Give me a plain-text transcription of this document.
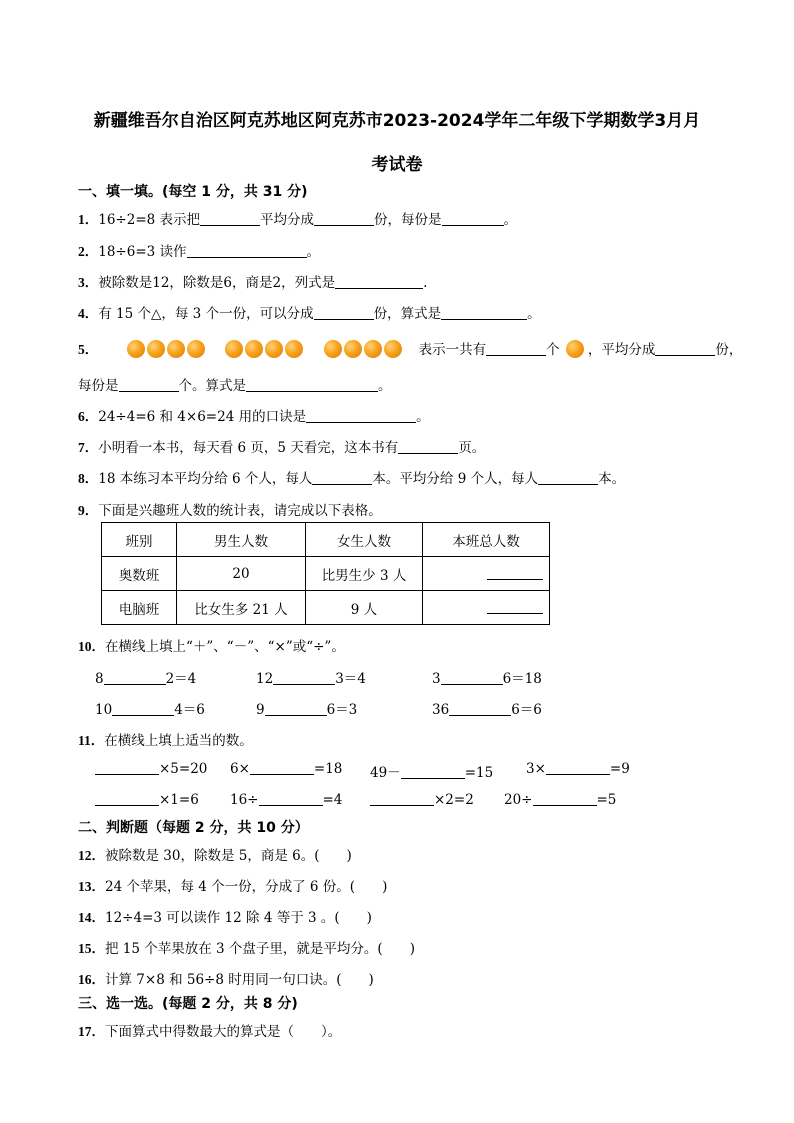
新疆维吾尔自治区阿克苏地区阿克苏市2023-2024学年二年级下学期数学3月月
考试卷
一、填一填。(每空 1 分，共 31 分)
1．16÷2=8 表示把	平均分成	份，每份是	。
2．18÷6=3 读作	。
3．被除数是12，除数是6，商是2，列式是	.
4．有 15 个△，每 3 个一份，可以分成	份，算式是	。
5．	表示一共有	个 ，平均分成	份，
每份是	个。算式是	。
6．24÷4=6 和 4×6=24 用的口诀是	。
7．小明看一本书，每天看 6 页，5 天看完，这本书有	页。
8．18 本练习本平均分给 6 个人，每人	本。平均分给 9 个人，每人	本。
9．下面是兴趣班人数的统计表，请完成以下表格。
班别	男生人数	女生人数	本班总人数
奥数班	20	比男生少 3 人	
电脑班	比女生多 21 人	9 人	
10．在横线上填上“＋”、“－”、“×”或“÷”。
8	2＝4	12	3＝4	3	6＝18
10	4＝6	9	6＝3	36	6＝6
11．在横线上填上适当的数。
×5=20 6×	=18 49－	=15 3×	=9
×1=6 16÷	=4	×2=2 20÷	=5
二、判断题（每题 2 分，共 10 分）
12．被除数是 30，除数是 5，商是 6。(　　)
13．24 个苹果，每 4 个一份，分成了 6 份。(　　)
14．12÷4=3 可以读作 12 除 4 等于 3 。(　　)
15．把 15 个苹果放在 3 个盘子里，就是平均分。(　　)
16．计算 7×8 和 56÷8 时用同一句口诀。(　　)
三、选一选。(每题 2 分，共 8 分)
17．下面算式中得数最大的算式是（　　）。
